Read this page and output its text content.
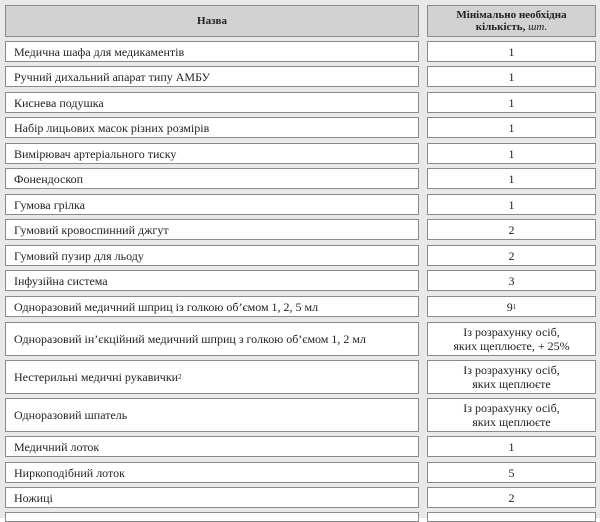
Назва	Мінімально необхідна
кількість, шт.
Медична шафа для медикаментів	1
Ручний дихальний апарат типу АМБУ	1
Киснева подушка	1
Набір лицьових масок різних розмірів	1
Вимірювач артеріального тиску	1
Фонендоскоп	1
Гумова грілка	1
Гумовий кровоспинний джгут	2
Гумовий пузир для льоду	2
Інфузійна система	3
Одноразовий медичний шприц із голкою об’ємом 1, 2, 5 мл	9 1
Одноразовий ін’єкційний медичний шприц з голкою об’ємом 1, 2 мл	Із розрахунку осіб,
яких щеплюєте, + 25%
Нестерильні медичні рукавички 2	Із розрахунку осіб,
яких щеплюєте
Одноразовий шпатель	Із розрахунку осіб,
яких щеплюєте
Медичний лоток	1
Ниркоподібний лоток	5
Ножиці	2
